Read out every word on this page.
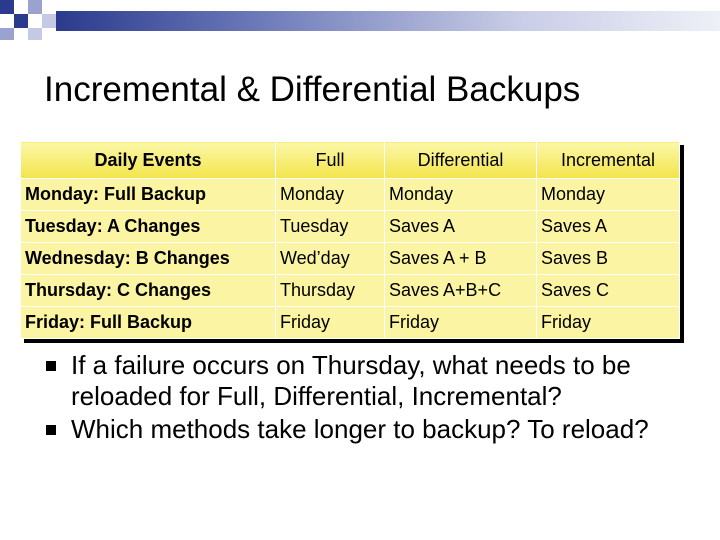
Incremental & Differential Backups
Daily Events	Full	Differential	Incremental
Monday: Full Backup	Monday	Monday	Monday
Tuesday: A Changes	Tuesday	Saves A	Saves A
Wednesday: B Changes	Wed’day	Saves A + B	Saves B
Thursday: C Changes	Thursday	Saves A+B+C	Saves C
Friday: Full Backup	Friday	Friday	Friday
If a failure occurs on Thursday, what needs to be reloaded for Full, Differential, Incremental?
Which methods take longer to backup? To reload?
